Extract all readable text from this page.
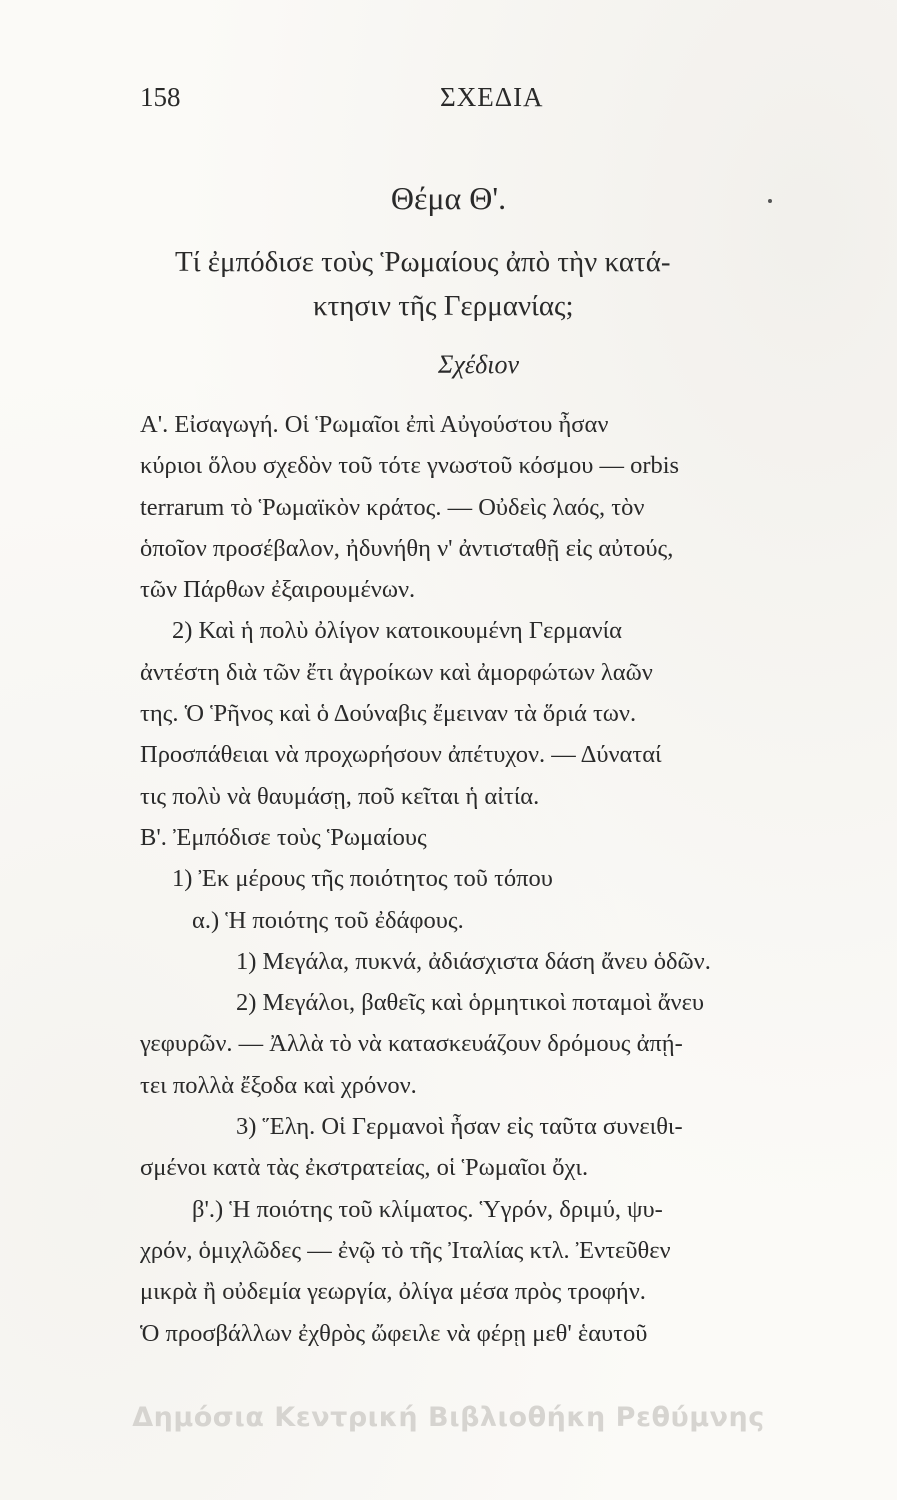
158	ΣΧΕΔΙΑ
Θέμα Θ'.
Τί ἐμπόδισε τοὺς Ῥωμαίους ἀπὸ τὴν κατά-
κτησιν τῆς Γερμανίας;
Σχέδιον
Α'. Εἰσαγωγή. Οἱ Ῥωμαῖοι ἐπὶ Αὐγούστου ἦσαν
κύριοι ὅλου σχεδὸν τοῦ τότε γνωστοῦ κόσμου — orbis
terrarum τὸ Ῥωμαϊκὸν κράτος. — Οὐδεὶς λαός, τὸν
ὁποῖον προσέβαλον, ἠδυνήθη ν' ἀντισταθῇ εἰς αὐτούς,
τῶν Πάρθων ἐξαιρουμένων.
2) Καὶ ἡ πολὺ ὀλίγον κατοικουμένη Γερμανία
ἀντέστη διὰ τῶν ἔτι ἀγροίκων καὶ ἀμορφώτων λαῶν
της. Ὁ Ῥῆνος καὶ ὁ Δούναβις ἔμειναν τὰ ὅριά των.
Προσπάθειαι νὰ προχωρήσουν ἀπέτυχον. — Δύναταί
τις πολὺ νὰ θαυμάσῃ, ποῦ κεῖται ἡ αἰτία.
Β'. Ἐμπόδισε τοὺς Ῥωμαίους
1) Ἐκ μέρους τῆς ποιότητος τοῦ τόπου
α.) Ἡ ποιότης τοῦ ἐδάφους.
1) Μεγάλα, πυκνά, ἀδιάσχιστα δάση ἄνευ ὁδῶν.
2) Μεγάλοι, βαθεῖς καὶ ὁρμητικοὶ ποταμοὶ ἄνευ
γεφυρῶν. — Ἀλλὰ τὸ νὰ κατασκευάζουν δρόμους ἀπῄ-
τει πολλὰ ἔξοδα καὶ χρόνον.
3) Ἕλη. Οἱ Γερμανοὶ ἦσαν εἰς ταῦτα συνειθι-
σμένοι κατὰ τὰς ἐκστρατείας, οἱ Ῥωμαῖοι ὄχι.
β'.) Ἡ ποιότης τοῦ κλίματος. Ὑγρόν, δριμύ, ψυ-
χρόν, ὁμιχλῶδες — ἐνῷ τὸ τῆς Ἰταλίας κτλ. Ἐντεῦθεν
μικρὰ ἢ οὐδεμία γεωργία, ὀλίγα μέσα πρὸς τροφήν.
Ὁ προσβάλλων ἐχθρὸς ὤφειλε νὰ φέρῃ μεθ' ἑαυτοῦ
Δημόσια Κεντρική Βιβλιοθήκη Ρεθύμνης
